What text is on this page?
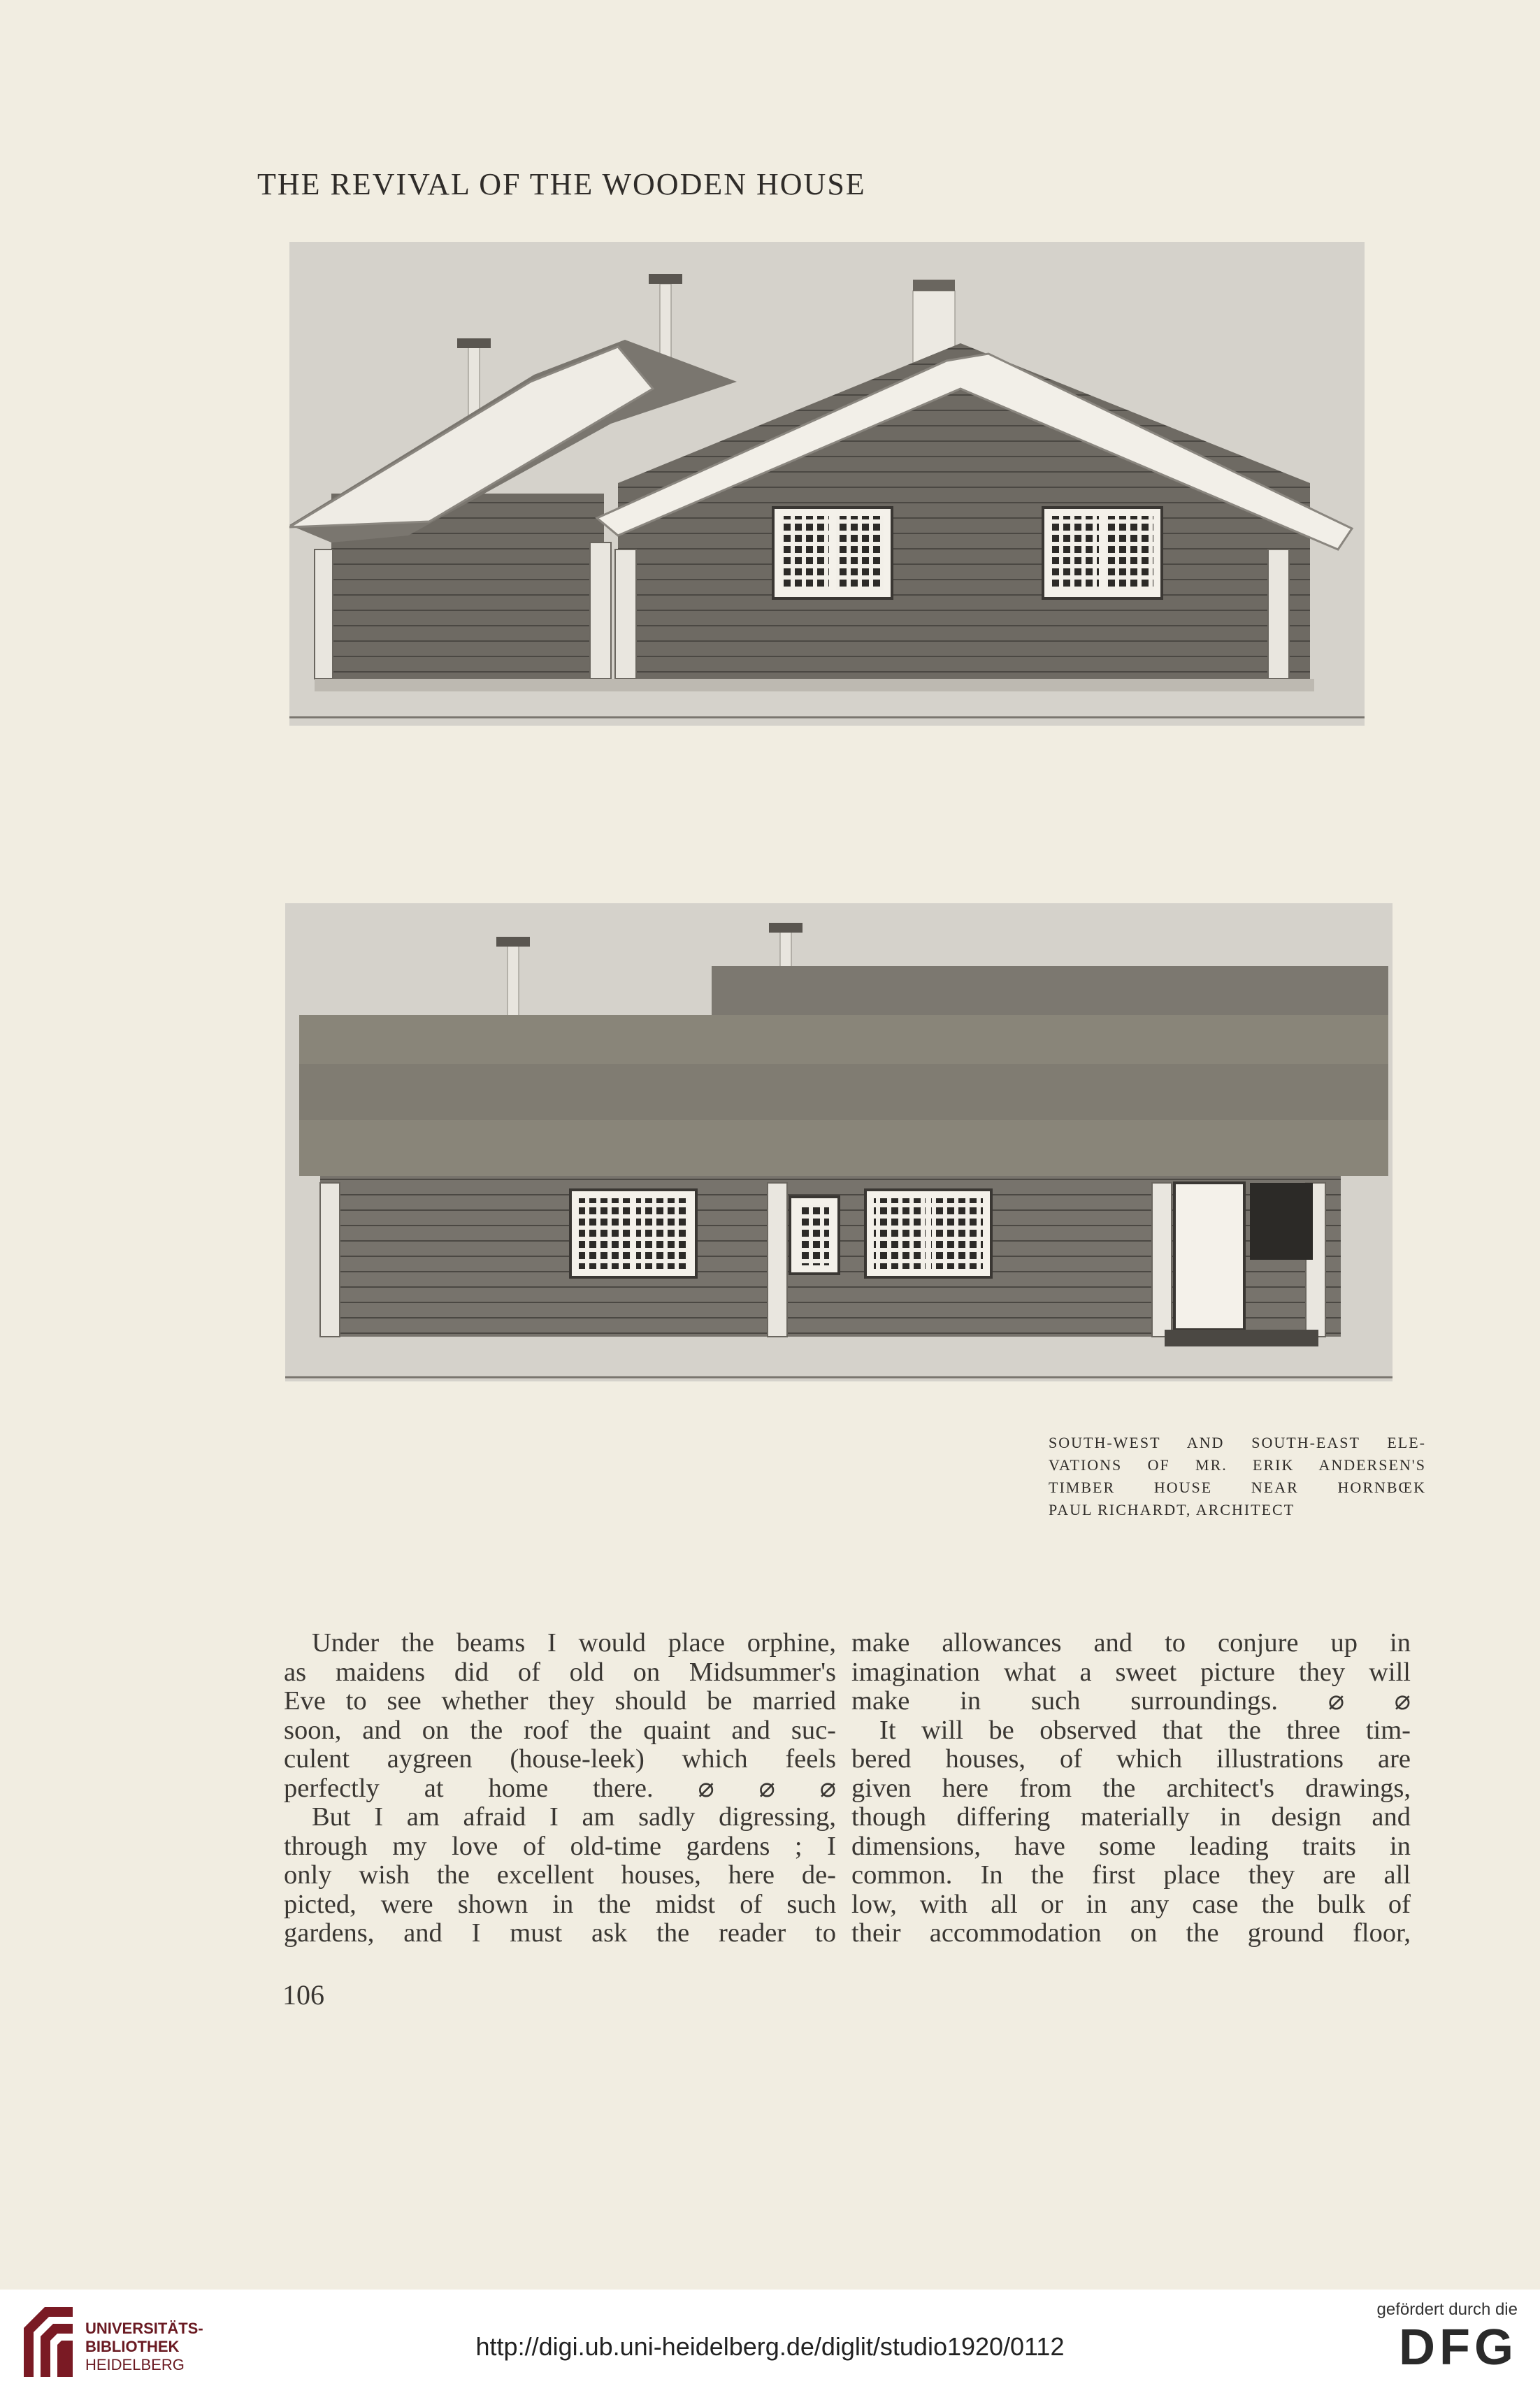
THE REVIVAL OF THE WOODEN HOUSE
SOUTH-WEST AND SOUTH-EAST ELE-
VATIONS OF MR. ERIK ANDERSEN'S
TIMBER HOUSE NEAR HORNBŒK
PAUL RICHARDT, ARCHITECT
Under the beams I would place orphine,
as maidens did of old on Midsummer's
Eve to see whether they should be married
soon, and on the roof the quaint and suc-
culent aygreen (house-leek) which feels
perfectly at home there. ⌀ ⌀ ⌀
But I am afraid I am sadly digressing,
through my love of old-time gardens ; I
only wish the excellent houses, here de-
picted, were shown in the midst of such
gardens, and I must ask the reader to
make allowances and to conjure up in
imagination what a sweet picture they will
make in such surroundings. ⌀ ⌀
It will be observed that the three tim-
bered houses, of which illustrations are
given here from the architect's drawings,
though differing materially in design and
dimensions, have some leading traits in
common. In the first place they are all
low, with all or in any case the bulk of
their accommodation on the ground floor,
106
UNIVERSITÄTS-
BIBLIOTHEK
HEIDELBERG
http://digi.ub.uni-heidelberg.de/diglit/studio1920/0112
gefördert durch die
DFG
